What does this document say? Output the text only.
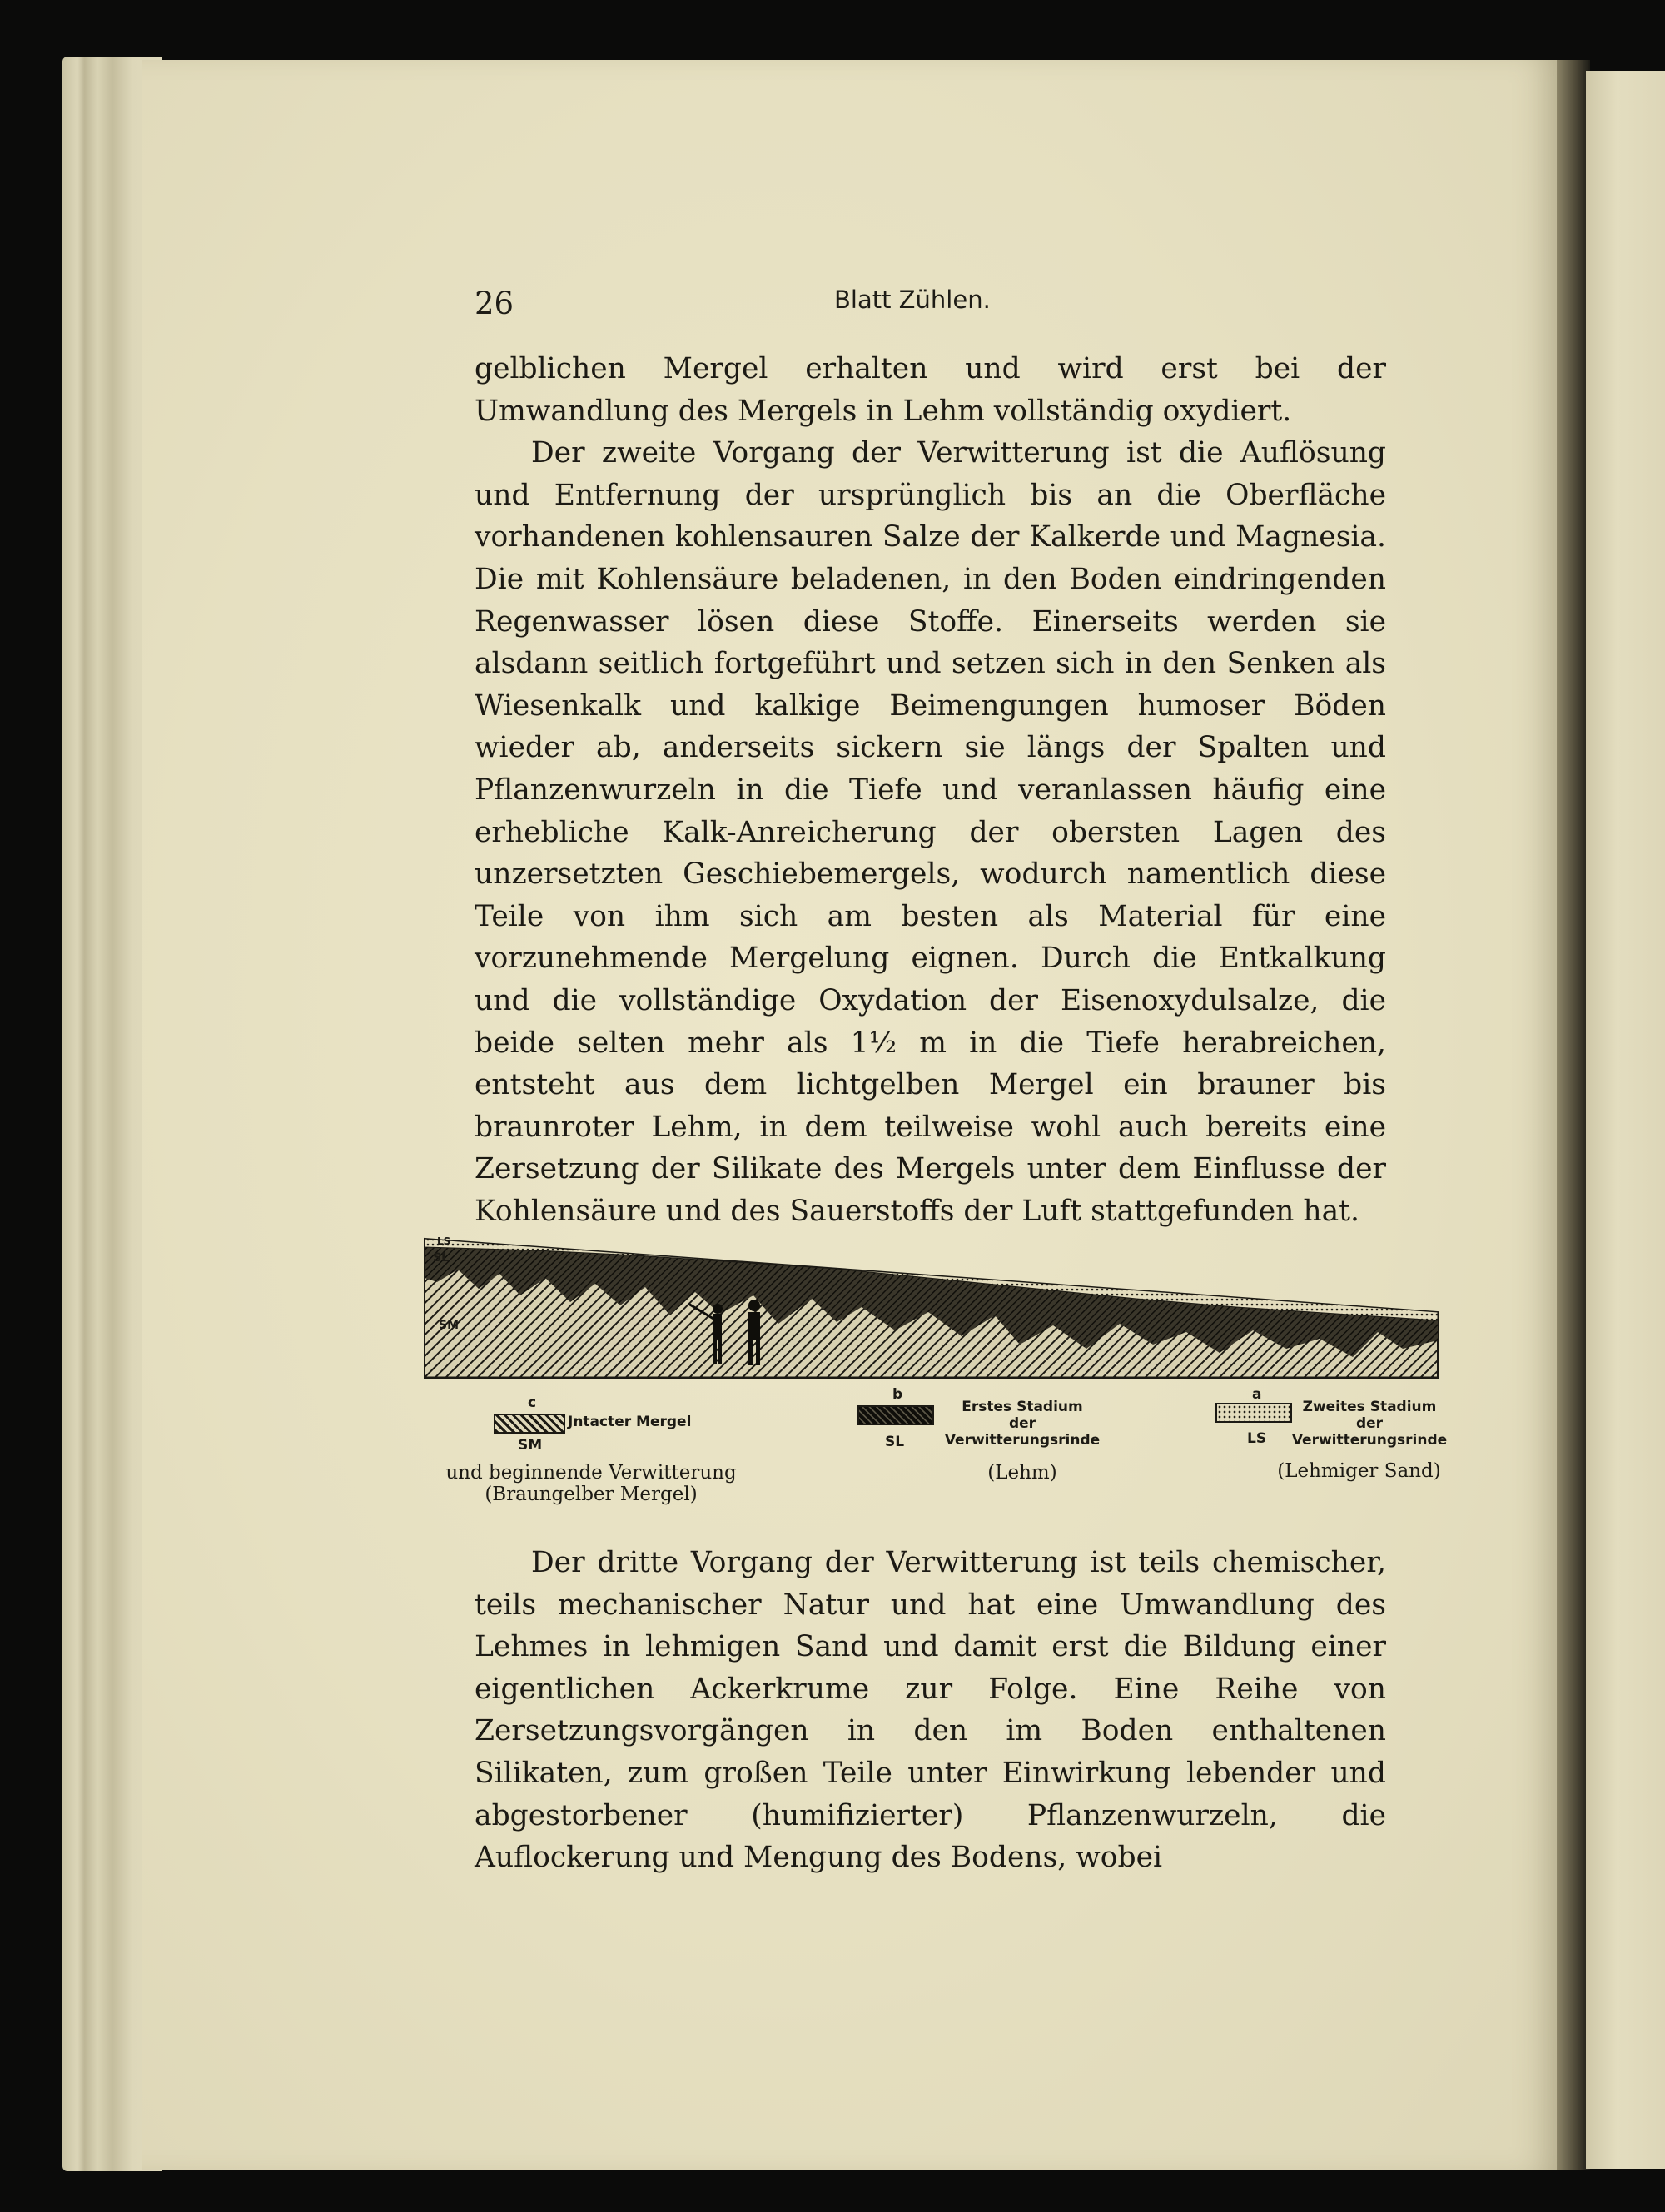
26	Blatt Zühlen.

gelblichen Mergel erhalten und wird erst bei der Umwandlung des Mergels in Lehm vollständig oxydiert.

Der zweite Vorgang der Verwitterung ist die Auflösung und Entfernung der ursprünglich bis an die Oberfläche vorhandenen kohlensauren Salze der Kalkerde und Magnesia. Die mit Kohlensäure beladenen, in den Boden eindringenden Regenwasser lösen diese Stoffe. Einerseits werden sie alsdann seitlich fortgeführt und setzen sich in den Senken als Wiesenkalk und kalkige Beimengungen humoser Böden wieder ab, anderseits sickern sie längs der Spalten und Pflanzenwurzeln in die Tiefe und veranlassen häufig eine erhebliche Kalk-Anreicherung der obersten Lagen des unzersetzten Geschiebemergels, wodurch namentlich diese Teile von ihm sich am besten als Material für eine vorzunehmende Mergelung eignen. Durch die Entkalkung und die vollständige Oxydation der Eisenoxydulsalze, die beide selten mehr als 1½ m in die Tiefe herabreichen, entsteht aus dem lichtgelben Mergel ein brauner bis braunroter Lehm, in dem teilweise wohl auch bereits eine Zersetzung der Silikate des Mergels unter dem Einflusse der Kohlensäure und des Sauerstoffs der Luft stattgefunden hat.

SL
LS
SM
c
Jntacter Mergel
SM
und beginnende Verwitterung
(Braungelber Mergel)
b
Erstes Stadium
der
Verwitterungsrinde
SL
(Lehm)
a
Zweites Stadium
der
Verwitterungsrinde
LS
(Lehmiger Sand)

Der dritte Vorgang der Verwitterung ist teils chemischer, teils mechanischer Natur und hat eine Umwandlung des Lehmes in lehmigen Sand und damit erst die Bildung einer eigentlichen Ackerkrume zur Folge. Eine Reihe von Zersetzungsvorgängen in den im Boden enthaltenen Silikaten, zum großen Teile unter Einwirkung lebender und abgestorbener (humifizierter) Pflanzenwurzeln, die Auflockerung und Mengung des Bodens, wobei
